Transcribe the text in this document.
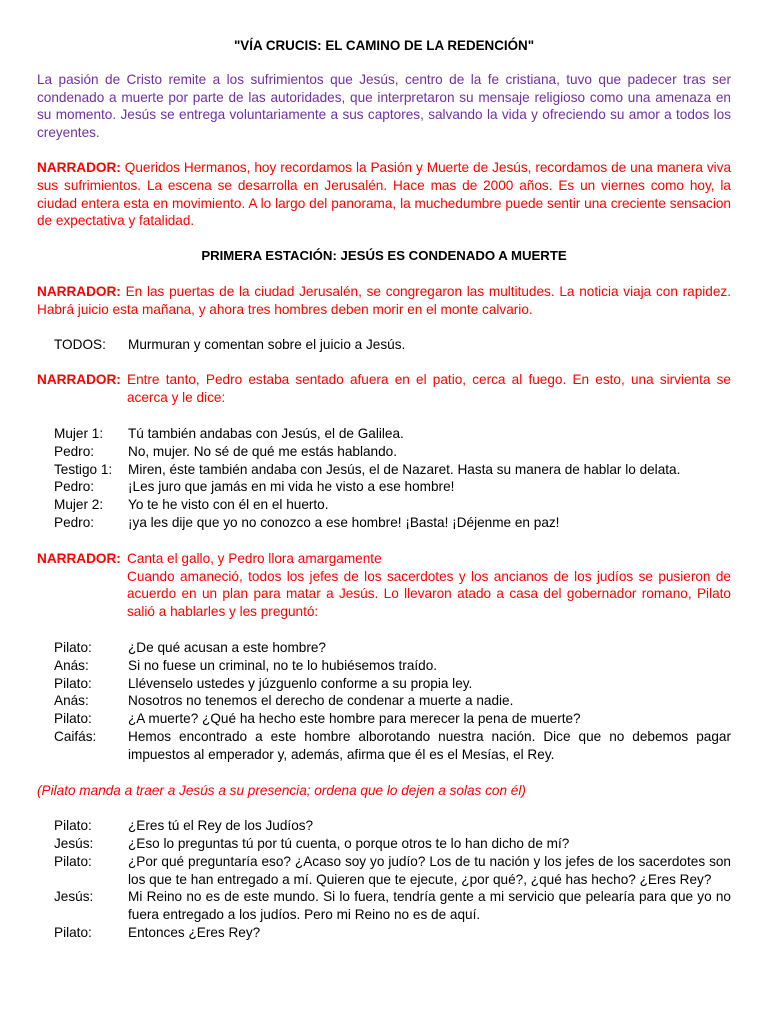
"VÍA CRUCIS: EL CAMINO DE LA REDENCIÓN"

La pasión de Cristo remite a los sufrimientos que Jesús, centro de la fe cristiana, tuvo que padecer tras ser condenado a muerte por parte de las autoridades, que interpretaron su mensaje religioso como una amenaza en su momento. Jesús se entrega voluntariamente a sus captores, salvando la vida y ofreciendo su amor a todos los creyentes.

NARRADOR: Queridos Hermanos, hoy recordamos la Pasión y Muerte de Jesús, recordamos de una manera viva sus sufrimientos. La escena se desarrolla en Jerusalén. Hace mas de 2000 años. Es un viernes como hoy, la ciudad entera esta en movimiento. A lo largo del panorama, la muchedumbre puede sentir una creciente sensacion de expectativa y fatalidad.

PRIMERA ESTACIÓN: JESÚS ES CONDENADO A MUERTE

NARRADOR: En las puertas de la ciudad Jerusalén, se congregaron las multitudes. La noticia viaja con rapidez. Habrá juicio esta mañana, y ahora tres hombres deben morir en el monte calvario.

TODOS:	Murmuran y comentan sobre el juicio a Jesús.
NARRADOR: Entre tanto, Pedro estaba sentado afuera en el patio, cerca al fuego. En esto, una sirvienta se acerca y le dice:
Mujer 1:	Tú también andabas con Jesús, el de Galilea.
Pedro:	No, mujer. No sé de qué me estás hablando.
Testigo 1:	Miren, éste también andaba con Jesús, el de Nazaret. Hasta su manera de hablar lo delata.
Pedro:	¡Les juro que jamás en mi vida he visto a ese hombre!
Mujer 2:	Yo te he visto con él en el huerto.
Pedro:	¡ya les dije que yo no conozco a ese hombre! ¡Basta! ¡Déjenme en paz!
NARRADOR: Canta el gallo, y Pedro llora amargamente

Cuando amaneció, todos los jefes de los sacerdotes y los ancianos de los judíos se pusieron de acuerdo en un plan para matar a Jesús. Lo llevaron atado a casa del gobernador romano, Pilato salió a hablarles y les preguntó:

Pilato:	¿De qué acusan a este hombre?
Anás:	Si no fuese un criminal, no te lo hubiésemos traído.
Pilato:	Llévenselo ustedes y júzguenlo conforme a su propia ley.
Anás:	Nosotros no tenemos el derecho de condenar a muerte a nadie.
Pilato:	¿A muerte? ¿Qué ha hecho este hombre para merecer la pena de muerte?
Caifás:	Hemos encontrado a este hombre alborotando nuestra nación. Dice que no debemos pagar impuestos al emperador y, además, afirma que él es el Mesías, el Rey.
(Pilato manda a traer a Jesús a su presencia; ordena que lo dejen a solas con él)
Pilato:	¿Eres tú el Rey de los Judíos?
Jesús:	¿Eso lo preguntas tú por tú cuenta, o porque otros te lo han dicho de mí?
Pilato:	¿Por qué preguntaría eso? ¿Acaso soy yo judío? Los de tu nación y los jefes de los sacerdotes son los que te han entregado a mí. Quieren que te ejecute, ¿por qué?, ¿qué has hecho? ¿Eres Rey?
Jesús:	Mi Reino no es de este mundo. Si lo fuera, tendría gente a mi servicio que pelearía para que yo no fuera entregado a los judíos. Pero mi Reino no es de aquí.
Pilato:	Entonces ¿Eres Rey?
